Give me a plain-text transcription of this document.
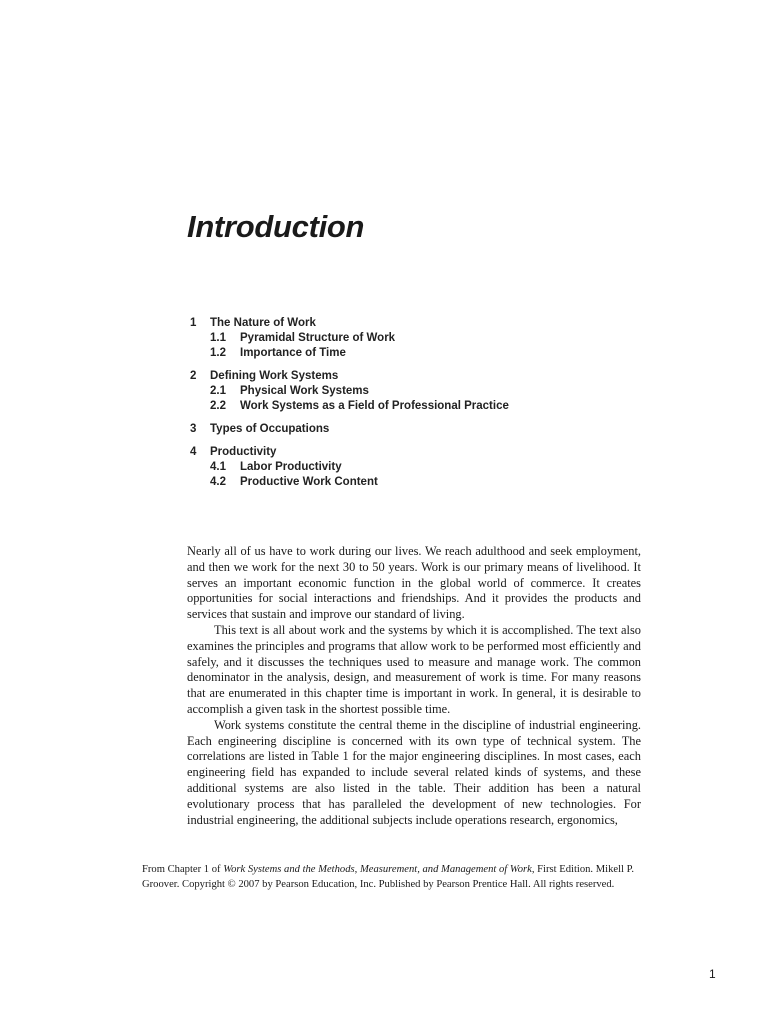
Introduction
1	The Nature of Work
1.1	Pyramidal Structure of Work
1.2	Importance of Time
2	Defining Work Systems
2.1	Physical Work Systems
2.2	Work Systems as a Field of Professional Practice
3	Types of Occupations
4	Productivity
4.1	Labor Productivity
4.2	Productive Work Content

Nearly all of us have to work during our lives. We reach adulthood and seek employment, and then we work for the next 30 to 50 years. Work is our primary means of livelihood. It serves an important economic function in the global world of commerce. It creates opportunities for social interactions and friendships. And it provides the products and services that sustain and improve our standard of living.

This text is all about work and the systems by which it is accomplished. The text also examines the principles and programs that allow work to be performed most efficiently and safely, and it discusses the techniques used to measure and manage work. The common denominator in the analysis, design, and measurement of work is time. For many reasons that are enumerated in this chapter time is important in work. In general, it is desirable to accomplish a given task in the shortest possible time.

Work systems constitute the central theme in the discipline of industrial engineering. Each engineering discipline is concerned with its own type of technical system. The correlations are listed in Table 1 for the major engineering disciplines. In most cases, each engineering field has expanded to include several related kinds of systems, and these additional systems are also listed in the table. Their addition has been a natural evolutionary process that has paralleled the development of new technologies. For industrial engineering, the additional subjects include operations research, ergonomics,

From Chapter 1 of Work Systems and the Methods, Measurement, and Management of Work, First Edition. Mikell P. Groover. Copyright © 2007 by Pearson Education, Inc. Published by Pearson Prentice Hall. All rights reserved.
1
